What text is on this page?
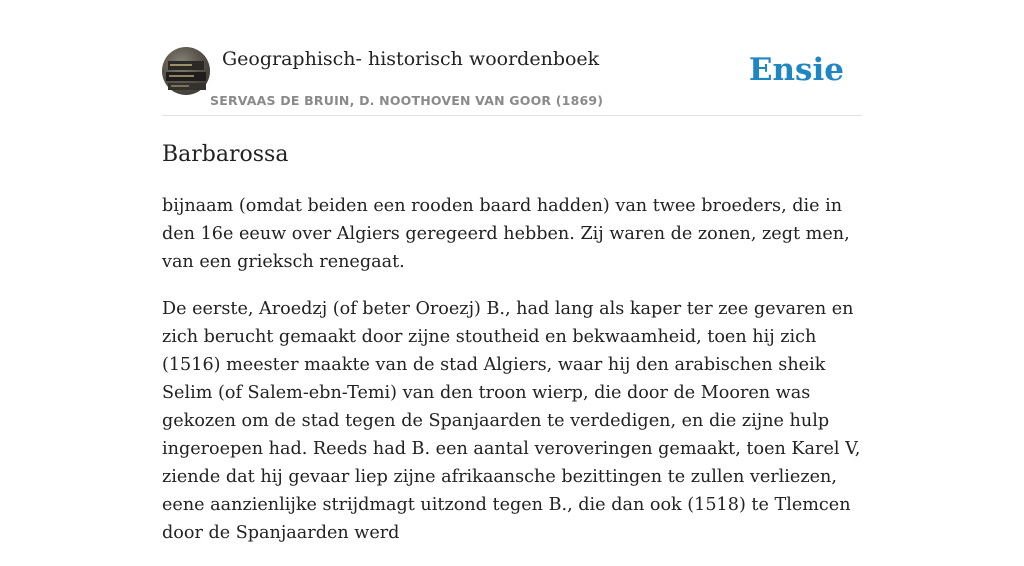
Geographisch- historisch woordenboek
SERVAAS DE BRUIN, D. NOOTHOVEN VAN GOOR (1869)
Ensie
Barbarossa

bijnaam (omdat beiden een rooden baard hadden) van twee broeders, die in den 16e eeuw over Algiers geregeerd hebben. Zij waren de zonen, zegt men, van een grieksch renegaat.

De eerste, Aroedzj (of beter Oroezj) B., had lang als kaper ter zee gevaren en zich berucht gemaakt door zijne stoutheid en bekwaamheid, toen hij zich (1516) meester maakte van de stad Algiers, waar hij den arabischen sheik Selim (of Salem-ebn-Temi) van den troon wierp, die door de Mooren was gekozen om de stad tegen de Spanjaarden te verdedigen, en die zijne hulp ingeroepen had. Reeds had B. een aantal veroveringen gemaakt, toen Karel V, ziende dat hij gevaar liep zijne afrikaansche bezittingen te zullen verliezen, eene aanzienlijke strijdmagt uitzond tegen B., die dan ook (1518) te Tlemcen door de Spanjaarden werd
